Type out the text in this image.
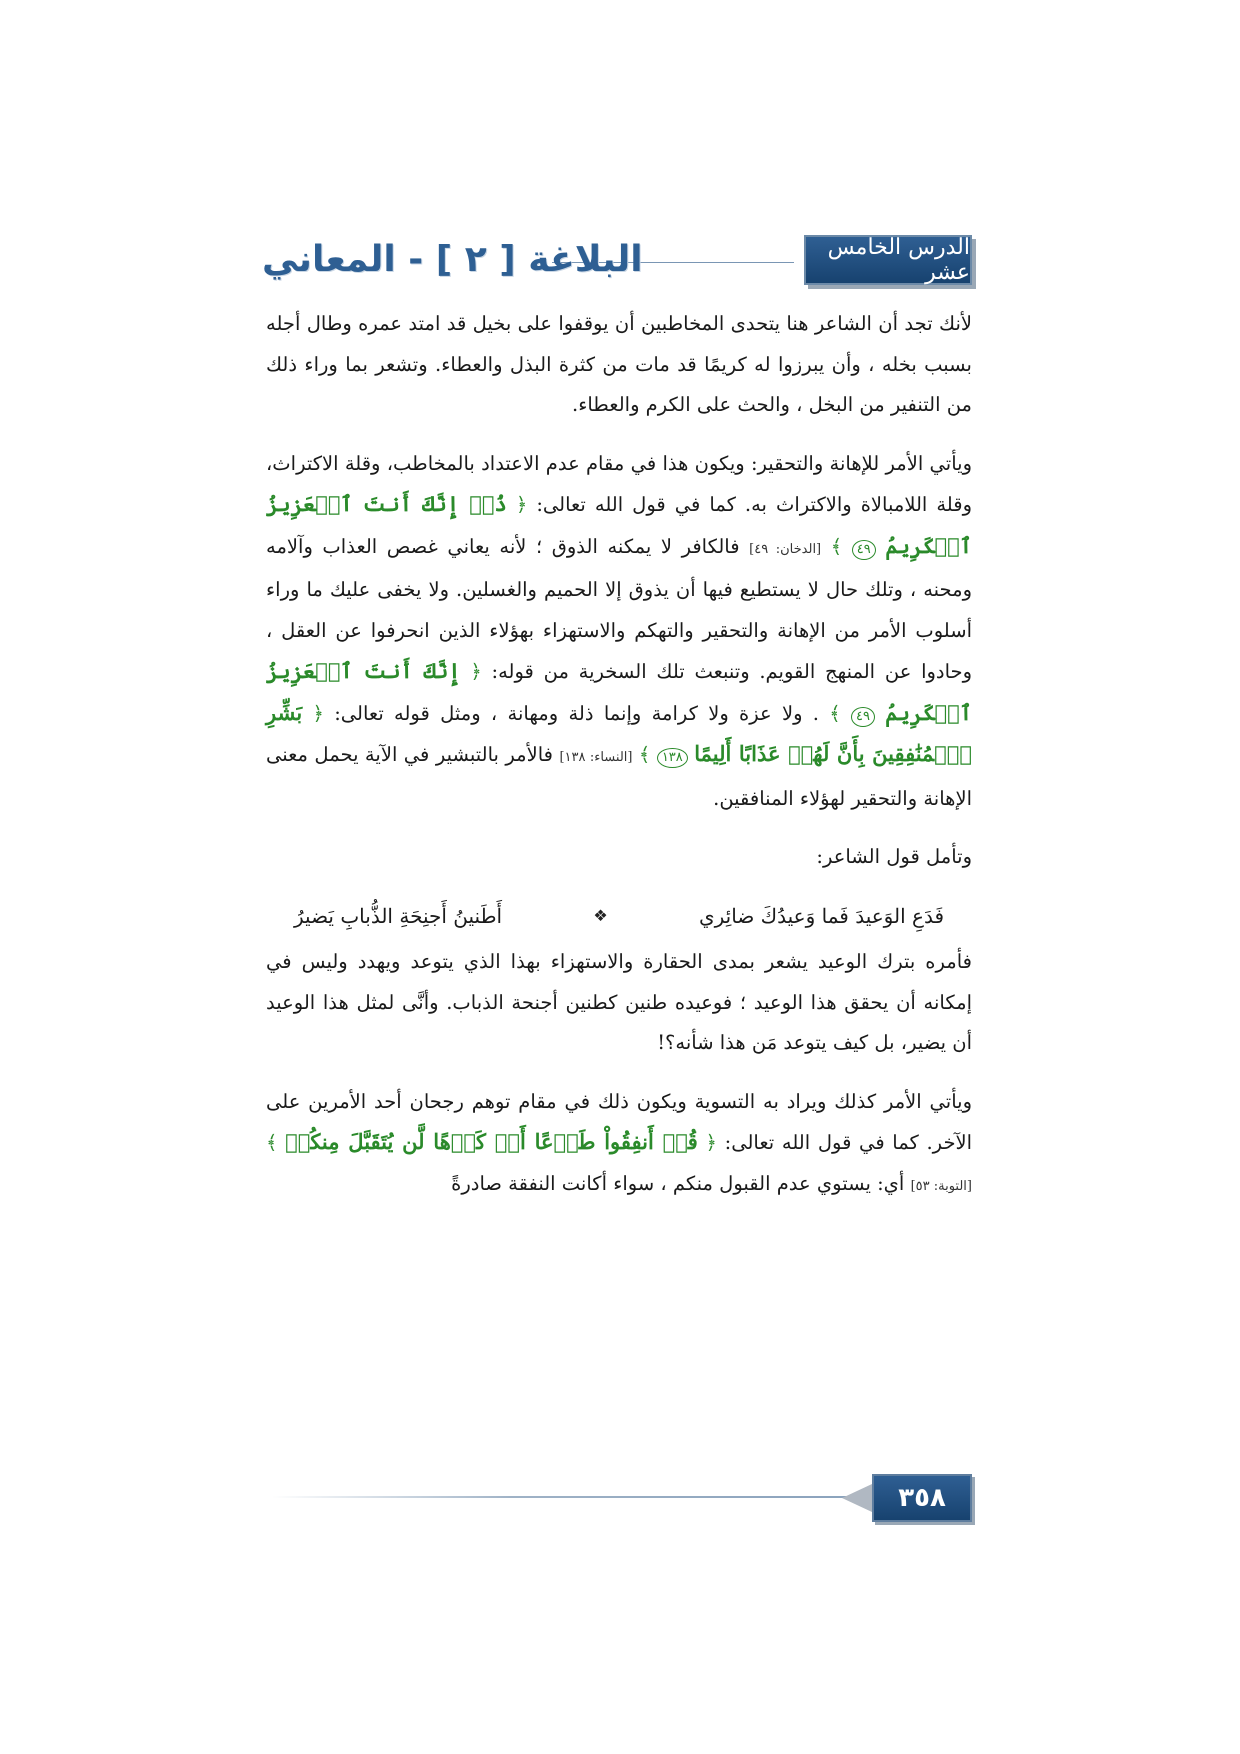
الدرس الخامس عشر
البلاغة [ ٢ ] - المعاني

لأنك تجد أن الشاعر هنا يتحدى المخاطبين أن يوقفوا على بخيل قد امتد عمره وطال أجله بسبب بخله ، وأن يبرزوا له كريمًا قد مات من كثرة البذل والعطاء. وتشعر بما وراء ذلك من التنفير من البخل ، والحث على الكرم والعطاء.

ويأتي الأمر للإهانة والتحقير: ويكون هذا في مقام عدم الاعتداد بالمخاطب، وقلة الاكتراث، وقلة اللامبالاة والاكتراث به. كما في قول الله تعالى: ﴿ ذُقۡ إِنَّكَ أَنتَ ٱلۡعَزِيزُ ٱلۡكَرِيمُ ٤٩ ﴾ [الدخان: ٤٩] فالكافر لا يمكنه الذوق ؛ لأنه يعاني غصص العذاب وآلامه ومحنه ، وتلك حال لا يستطيع فيها أن يذوق إلا الحميم والغسلين. ولا يخفى عليك ما وراء أسلوب الأمر من الإهانة والتحقير والتهكم والاستهزاء بهؤلاء الذين انحرفوا عن العقل ، وحادوا عن المنهج القويم. وتنبعث تلك السخرية من قوله: ﴿ إِنَّكَ أَنتَ ٱلۡعَزِيزُ ٱلۡكَرِيمُ ٤٩ ﴾ . ولا عزة ولا كرامة وإنما ذلة ومهانة ، ومثل قوله تعالى: ﴿ بَشِّرِ ٱلۡمُنَٰفِقِينَ بِأَنَّ لَهُمۡ عَذَابًا أَلِيمًا ١٣٨ ﴾ [النساء: ١٣٨] فالأمر بالتبشير في الآية يحمل معنى الإهانة والتحقير لهؤلاء المنافقين.

وتأمل قول الشاعر:

فَدَعِ الوَعيدَ فَما وَعيدُكَ ضائِري
❖
أَطَنينُ أَجنِحَةِ الذُّبابِ يَضيرُ

فأمره بترك الوعيد يشعر بمدى الحقارة والاستهزاء بهذا الذي يتوعد ويهدد وليس في إمكانه أن يحقق هذا الوعيد ؛ فوعيده طنين كطنين أجنحة الذباب. وأنَّى لمثل هذا الوعيد أن يضير، بل كيف يتوعد مَن هذا شأنه؟!

ويأتي الأمر كذلك ويراد به التسوية ويكون ذلك في مقام توهم رجحان أحد الأمرين على الآخر. كما في قول الله تعالى: ﴿ قُلۡ أَنفِقُواْ طَوۡعًا أَوۡ كَرۡهًا لَّن يُتَقَبَّلَ مِنكُمۡ ﴾ [التوبة: ٥٣] أي: يستوي عدم القبول منكم ، سواء أكانت النفقة صادرةً

٣٥٨
